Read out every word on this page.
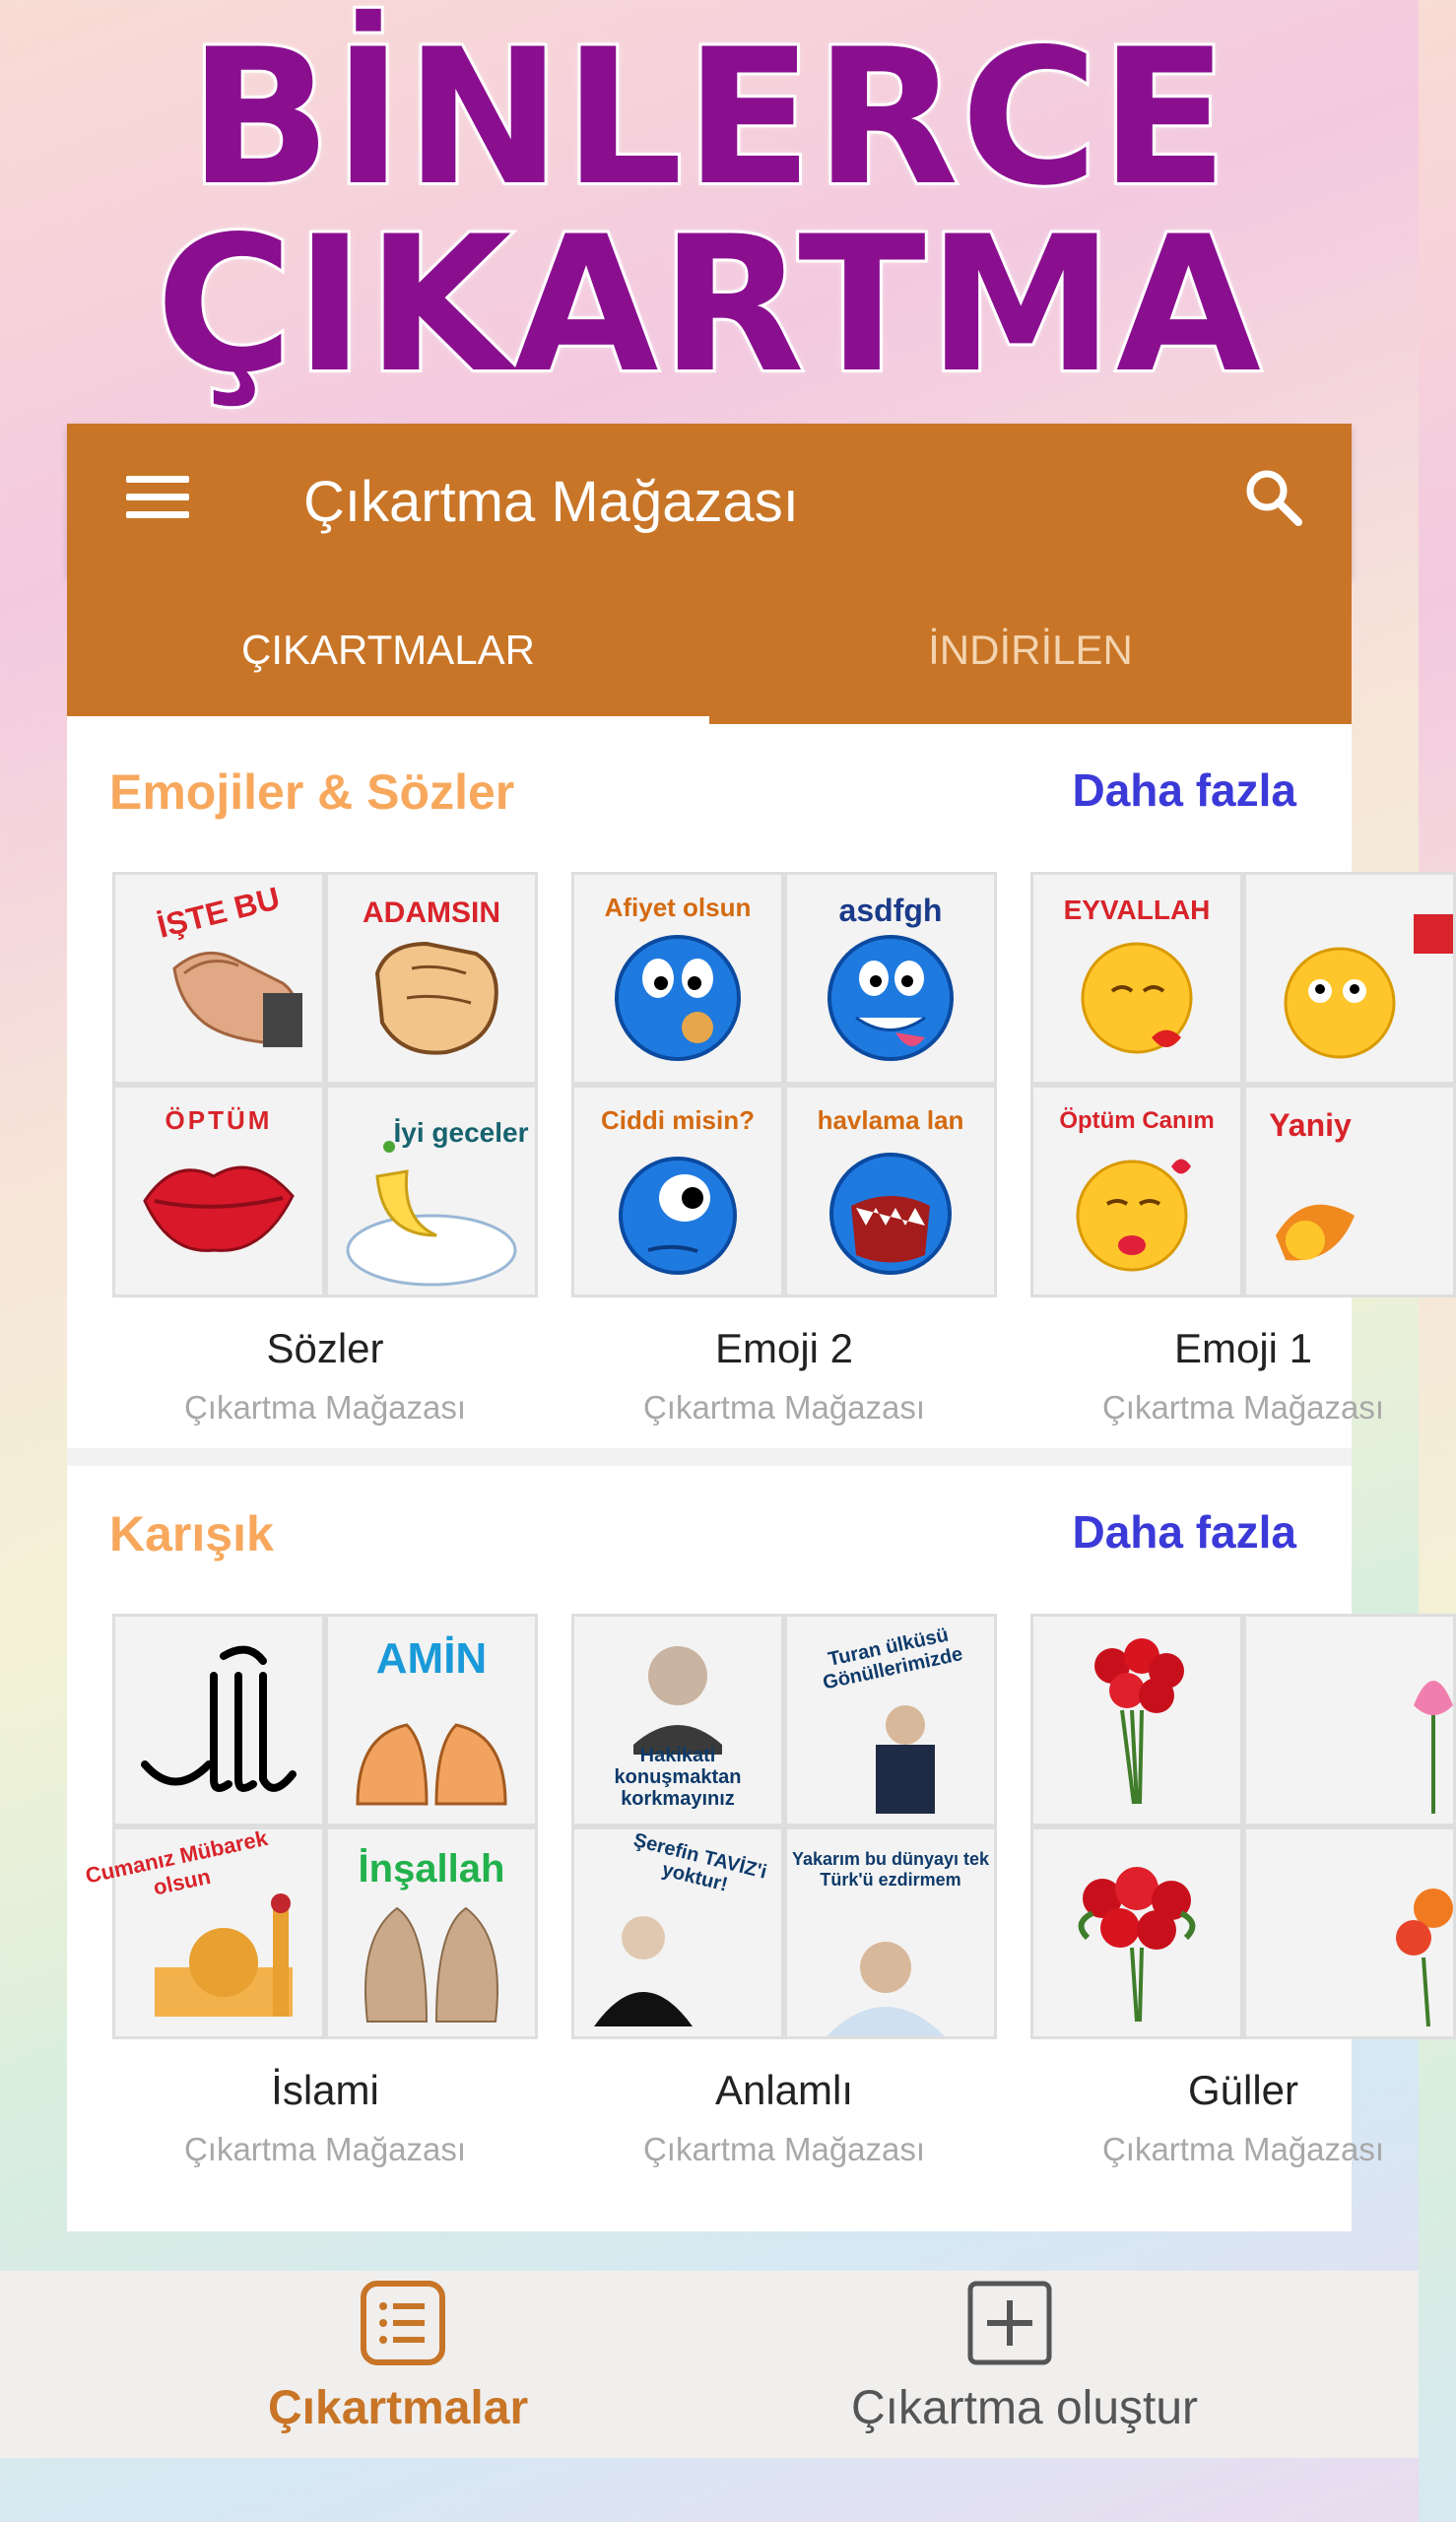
BİNLERCE
ÇIKARTMA
Çıkartma Mağazası
ÇIKARTMALAR	İNDİRİLEN
Emojiler & Sözler	Daha fazla
İŞTE BU	ADAMSIN
ÖPTÜM	İyi geceler
Sözler
Çıkartma Mağazası
Afiyet olsun	asdfgh
Ciddi misin?	havlama lan
Emoji 2
Çıkartma Mağazası
EYVALLAH
Öptüm Canım	Yaniy
Emoji 1
Çıkartma Mağazası
Karışık	Daha fazla
AMİN
Cumanız Mübarek olsun	İnşallah
İslami
Çıkartma Mağazası
Hakikati konuşmaktan korkmayınız
Turan ülküsü Gönüllerimizde
Şerefin TAVİZ'i yoktur!	Yakarım bu dünyayı tek Türk'ü ezdirmem
Anlamlı
Çıkartma Mağazası
Güller
Çıkartma Mağazası
Çıkartmalar	Çıkartma oluştur
